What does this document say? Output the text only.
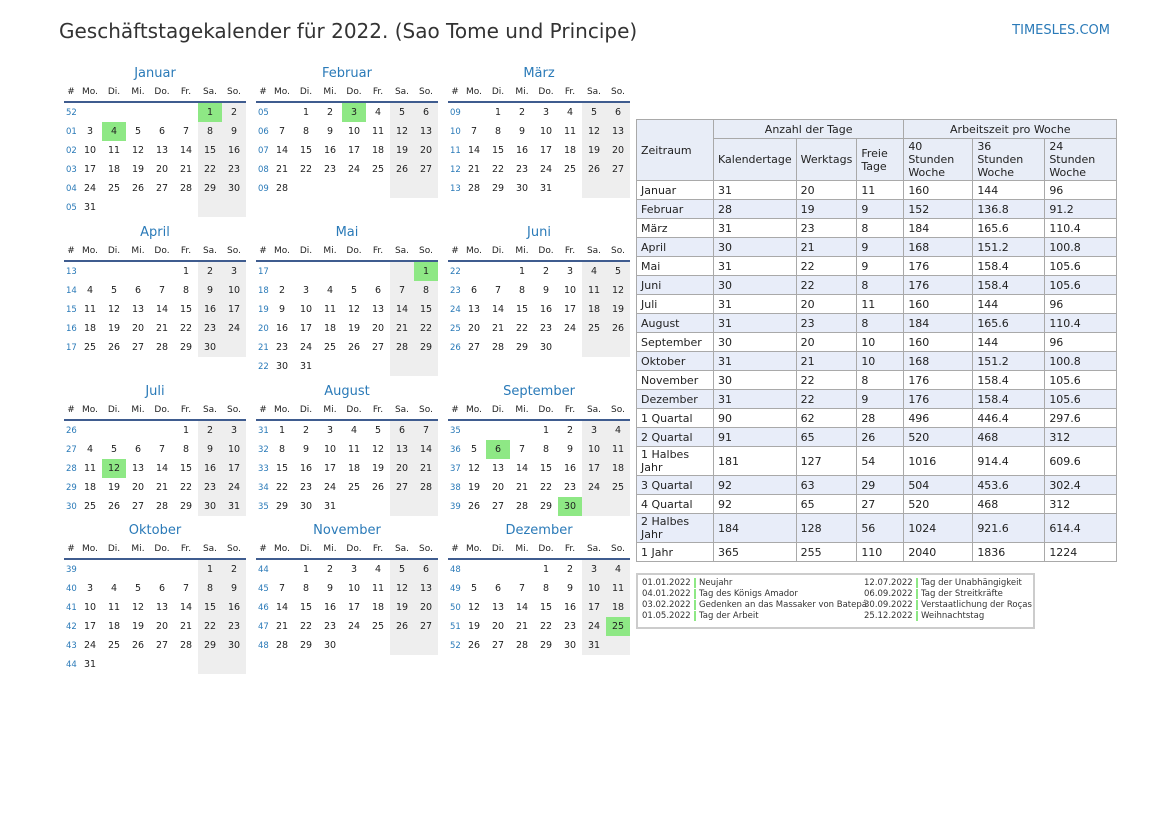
Geschäftstagekalender für 2022. (Sao Tome und Principe)	TIMESLES.COM
Januar
#	Mo.	Di.	Mi.	Do.	Fr.	Sa.	So.
52						1	2
01	3	4	5	6	7	8	9
02	10	11	12	13	14	15	16
03	17	18	19	20	21	22	23
04	24	25	26	27	28	29	30
05	31						
Februar
#	Mo.	Di.	Mi.	Do.	Fr.	Sa.	So.
05		1	2	3	4	5	6
06	7	8	9	10	11	12	13
07	14	15	16	17	18	19	20
08	21	22	23	24	25	26	27
09	28						
März
#	Mo.	Di.	Mi.	Do.	Fr.	Sa.	So.
09		1	2	3	4	5	6
10	7	8	9	10	11	12	13
11	14	15	16	17	18	19	20
12	21	22	23	24	25	26	27
13	28	29	30	31			
April
#	Mo.	Di.	Mi.	Do.	Fr.	Sa.	So.
13					1	2	3
14	4	5	6	7	8	9	10
15	11	12	13	14	15	16	17
16	18	19	20	21	22	23	24
17	25	26	27	28	29	30	
Mai
#	Mo.	Di.	Mi.	Do.	Fr.	Sa.	So.
17							1
18	2	3	4	5	6	7	8
19	9	10	11	12	13	14	15
20	16	17	18	19	20	21	22
21	23	24	25	26	27	28	29
22	30	31					
Juni
#	Mo.	Di.	Mi.	Do.	Fr.	Sa.	So.
22			1	2	3	4	5
23	6	7	8	9	10	11	12
24	13	14	15	16	17	18	19
25	20	21	22	23	24	25	26
26	27	28	29	30			
Juli
#	Mo.	Di.	Mi.	Do.	Fr.	Sa.	So.
26					1	2	3
27	4	5	6	7	8	9	10
28	11	12	13	14	15	16	17
29	18	19	20	21	22	23	24
30	25	26	27	28	29	30	31
August
#	Mo.	Di.	Mi.	Do.	Fr.	Sa.	So.
31	1	2	3	4	5	6	7
32	8	9	10	11	12	13	14
33	15	16	17	18	19	20	21
34	22	23	24	25	26	27	28
35	29	30	31				
September
#	Mo.	Di.	Mi.	Do.	Fr.	Sa.	So.
35				1	2	3	4
36	5	6	7	8	9	10	11
37	12	13	14	15	16	17	18
38	19	20	21	22	23	24	25
39	26	27	28	29	30		
Oktober
#	Mo.	Di.	Mi.	Do.	Fr.	Sa.	So.
39						1	2
40	3	4	5	6	7	8	9
41	10	11	12	13	14	15	16
42	17	18	19	20	21	22	23
43	24	25	26	27	28	29	30
44	31						
November
#	Mo.	Di.	Mi.	Do.	Fr.	Sa.	So.
44		1	2	3	4	5	6
45	7	8	9	10	11	12	13
46	14	15	16	17	18	19	20
47	21	22	23	24	25	26	27
48	28	29	30				
Dezember
#	Mo.	Di.	Mi.	Do.	Fr.	Sa.	So.
48				1	2	3	4
49	5	6	7	8	9	10	11
50	12	13	14	15	16	17	18
51	19	20	21	22	23	24	25
52	26	27	28	29	30	31	
Zeitraum	Anzahl der Tage			Arbeitszeit pro Woche		
	Kalendertage	Werktags	Freie Tage	40 Stunden Woche	36 Stunden Woche	24 Stunden Woche
Januar	31	20	11	160	144	96
Februar	28	19	9	152	136.8	91.2
März	31	23	8	184	165.6	110.4
April	30	21	9	168	151.2	100.8
Mai	31	22	9	176	158.4	105.6
Juni	30	22	8	176	158.4	105.6
Juli	31	20	11	160	144	96
August	31	23	8	184	165.6	110.4
September	30	20	10	160	144	96
Oktober	31	21	10	168	151.2	100.8
November	30	22	8	176	158.4	105.6
Dezember	31	22	9	176	158.4	105.6
1 Quartal	90	62	28	496	446.4	297.6
2 Quartal	91	65	26	520	468	312
1 Halbes Jahr	181	127	54	1016	914.4	609.6
3 Quartal	92	63	29	504	453.6	302.4
4 Quartal	92	65	27	520	468	312
2 Halbes Jahr	184	128	56	1024	921.6	614.4
1 Jahr	365	255	110	2040	1836	1224
01.01.2022 Neujahr
04.01.2022 Tag des Königs Amador
03.02.2022 Gedenken an das Massaker von Batepá
01.05.2022 Tag der Arbeit
12.07.2022 Tag der Unabhängigkeit
06.09.2022 Tag der Streitkräfte
30.09.2022 Verstaatlichung der Roças
25.12.2022 Weihnachtstag
